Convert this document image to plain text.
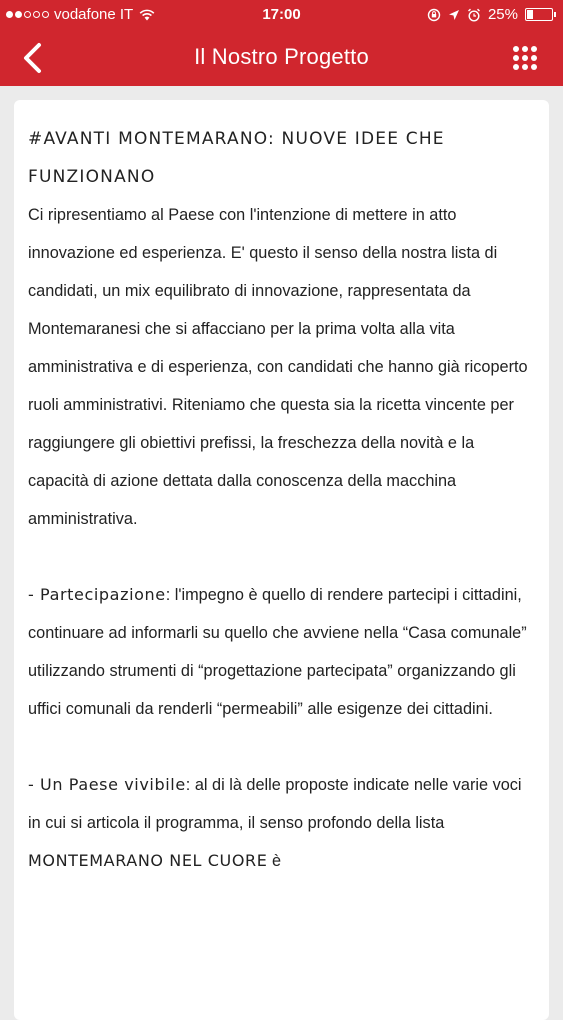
vodafone IT	17:00	25%
Il Nostro Progetto

#AVANTI MONTEMARANO: NUOVE IDEE CHE FUNZIONANO

Ci ripresentiamo al Paese con l'intenzione di mettere in atto innovazione ed esperienza. E' questo il senso della nostra lista di candidati, un mix equilibrato di innovazione, rappresentata da Montemaranesi che si affacciano per la prima volta alla vita amministrativa e di esperienza, con candidati che hanno già ricoperto ruoli amministrativi. Riteniamo che questa sia la ricetta vincente per raggiungere gli obiettivi prefissi, la freschezza della novità e la capacità di azione dettata dalla conoscenza della macchina amministrativa.

- Partecipazione: l'impegno è quello di rendere partecipi i cittadini, continuare ad informarli su quello che avviene nella “Casa comunale” utilizzando strumenti di “progettazione partecipata” organizzando gli uffici comunali da renderli “permeabili” alle esigenze dei cittadini.

- Un Paese vivibile: al di là delle proposte indicate nelle varie voci in cui si articola il programma, il senso profondo della lista MONTEMARANO NEL CUORE è
